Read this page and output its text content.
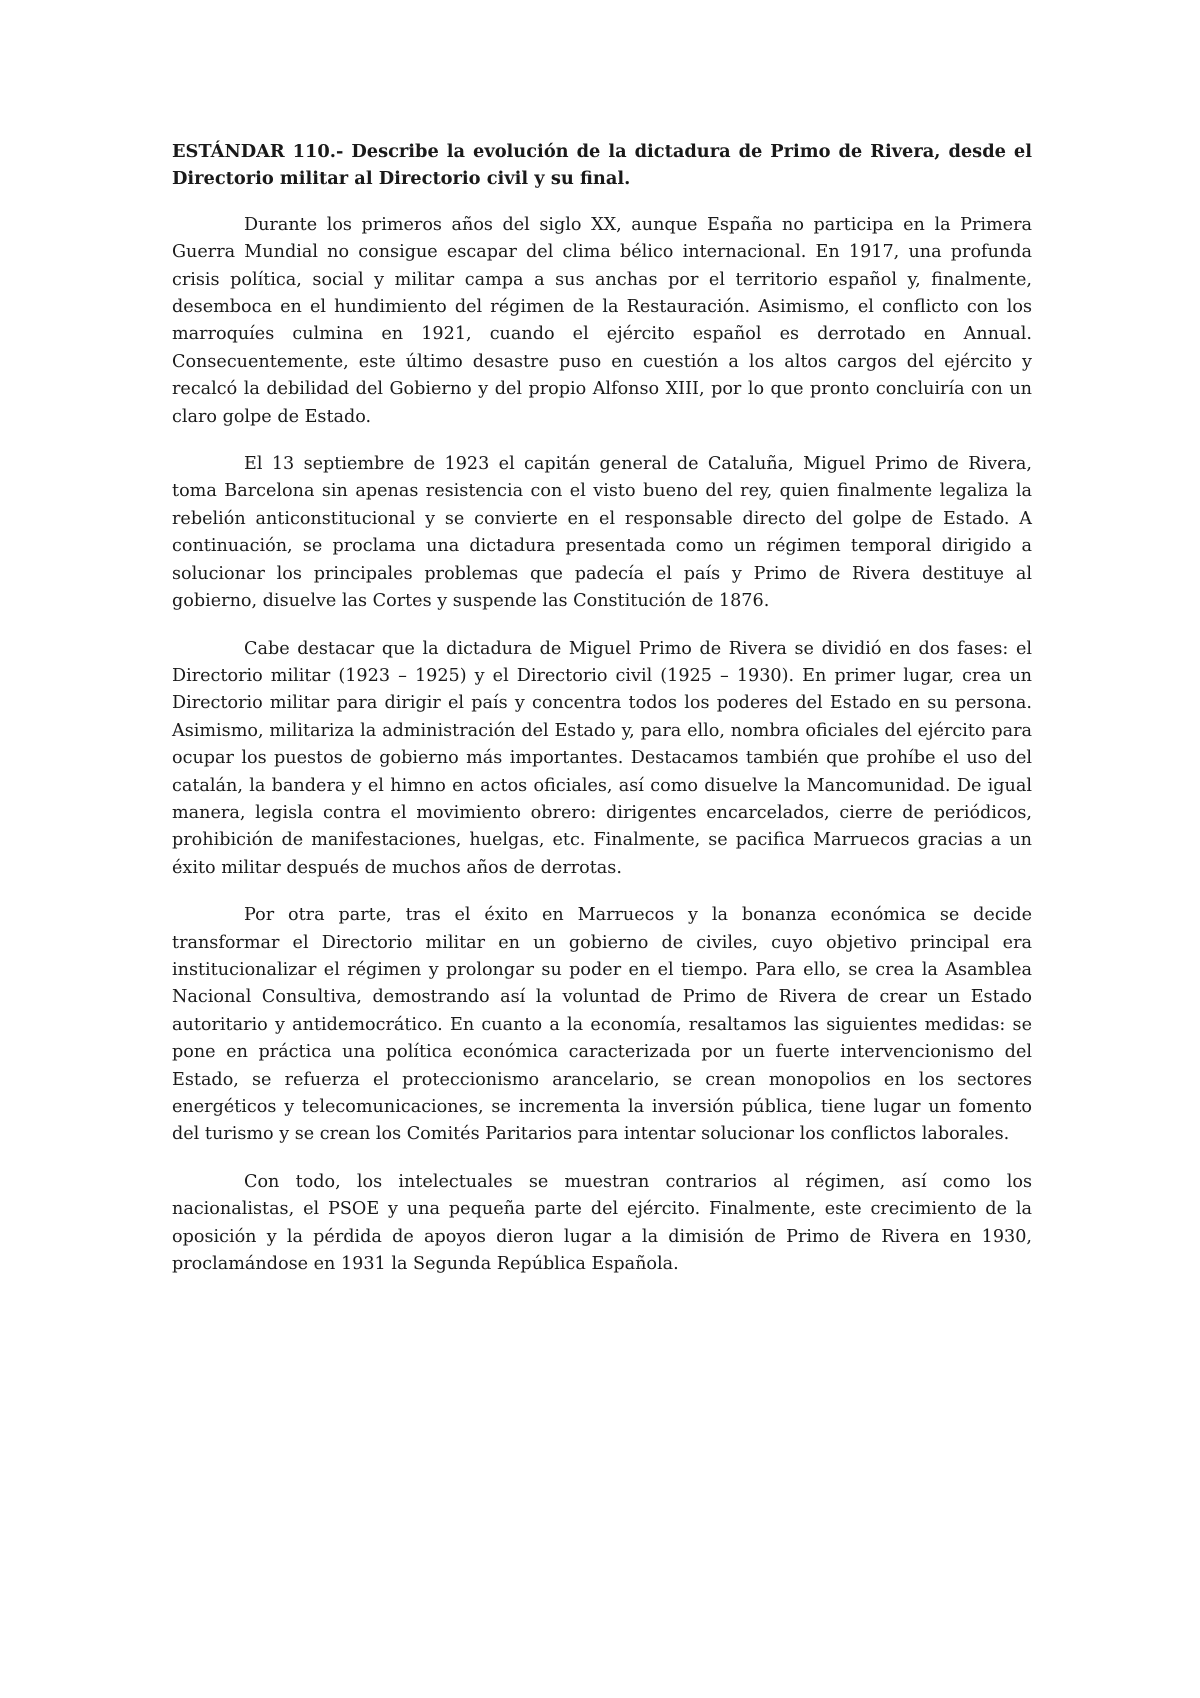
ESTÁNDAR 110.- Describe la evolución de la dictadura de Primo de Rivera, desde el Directorio militar al Directorio civil y su final.

Durante los primeros años del siglo XX, aunque España no participa en la Primera Guerra Mundial no consigue escapar del clima bélico internacional. En 1917, una profunda crisis política, social y militar campa a sus anchas por el territorio español y, finalmente, desemboca en el hundimiento del régimen de la Restauración. Asimismo, el conflicto con los marroquíes culmina en 1921, cuando el ejército español es derrotado en Annual. Consecuentemente, este último desastre puso en cuestión a los altos cargos del ejército y recalcó la debilidad del Gobierno y del propio Alfonso XIII, por lo que pronto concluiría con un claro golpe de Estado.

El 13 septiembre de 1923 el capitán general de Cataluña, Miguel Primo de Rivera, toma Barcelona sin apenas resistencia con el visto bueno del rey, quien finalmente legaliza la rebelión anticonstitucional y se convierte en el responsable directo del golpe de Estado. A continuación, se proclama una dictadura presentada como un régimen temporal dirigido a solucionar los principales problemas que padecía el país y Primo de Rivera destituye al gobierno, disuelve las Cortes y suspende las Constitución de 1876.

Cabe destacar que la dictadura de Miguel Primo de Rivera se dividió en dos fases: el Directorio militar (1923 – 1925) y el Directorio civil (1925 – 1930). En primer lugar, crea un Directorio militar para dirigir el país y concentra todos los poderes del Estado en su persona. Asimismo, militariza la administración del Estado y, para ello, nombra oficiales del ejército para ocupar los puestos de gobierno más importantes. Destacamos también que prohíbe el uso del catalán, la bandera y el himno en actos oficiales, así como disuelve la Mancomunidad. De igual manera, legisla contra el movimiento obrero: dirigentes encarcelados, cierre de periódicos, prohibición de manifestaciones, huelgas, etc. Finalmente, se pacifica Marruecos gracias a un éxito militar después de muchos años de derrotas.

Por otra parte, tras el éxito en Marruecos y la bonanza económica se decide transformar el Directorio militar en un gobierno de civiles, cuyo objetivo principal era institucionalizar el régimen y prolongar su poder en el tiempo. Para ello, se crea la Asamblea Nacional Consultiva, demostrando así la voluntad de Primo de Rivera de crear un Estado autoritario y antidemocrático. En cuanto a la economía, resaltamos las siguientes medidas: se pone en práctica una política económica caracterizada por un fuerte intervencionismo del Estado, se refuerza el proteccionismo arancelario, se crean monopolios en los sectores energéticos y telecomunicaciones, se incrementa la inversión pública, tiene lugar un fomento del turismo y se crean los Comités Paritarios para intentar solucionar los conflictos laborales.

Con todo, los intelectuales se muestran contrarios al régimen, así como los nacionalistas, el PSOE y una pequeña parte del ejército. Finalmente, este crecimiento de la oposición y la pérdida de apoyos dieron lugar a la dimisión de Primo de Rivera en 1930, proclamándose en 1931 la Segunda República Española.
